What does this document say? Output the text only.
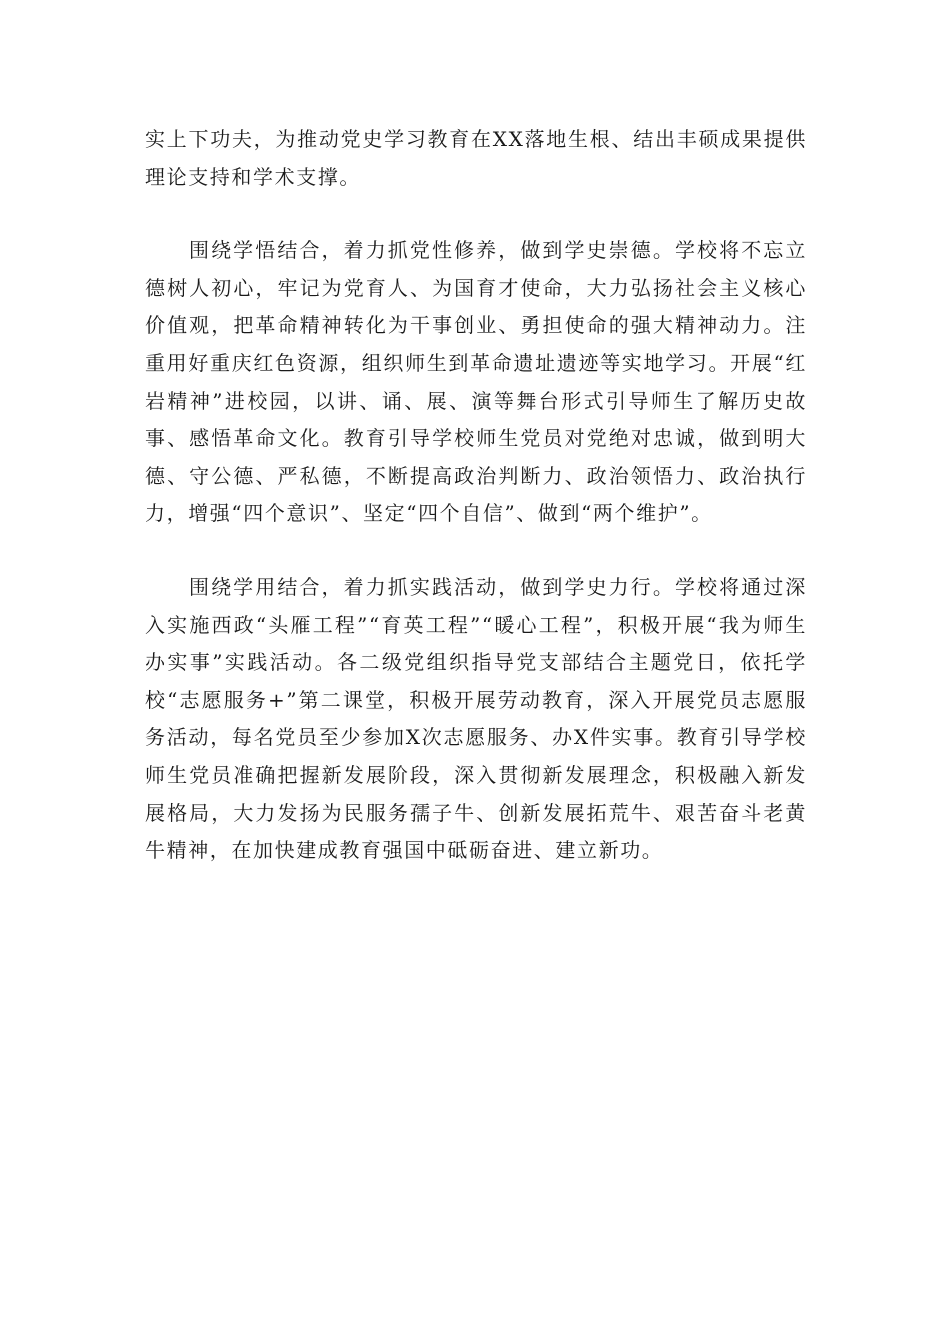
实上下功夫，为推动党史学习教育在XX落地生根、结出丰硕成果提供理论支持和学术支撑。

围绕学悟结合，着力抓党性修养，做到学史崇德。学校将不忘立德树人初心，牢记为党育人、为国育才使命，大力弘扬社会主义核心价值观，把革命精神转化为干事创业、勇担使命的强大精神动力。注重用好重庆红色资源，组织师生到革命遗址遗迹等实地学习。开展“红岩精神”进校园，以讲、诵、展、演等舞台形式引导师生了解历史故事、感悟革命文化。教育引导学校师生党员对党绝对忠诚，做到明大德、守公德、严私德，不断提高政治判断力、政治领悟力、政治执行力，增强“四个意识”、坚定“四个自信”、做到“两个维护”。

围绕学用结合，着力抓实践活动，做到学史力行。学校将通过深入实施西政“头雁工程”“育英工程”“暖心工程”，积极开展“我为师生办实事”实践活动。各二级党组织指导党支部结合主题党日，依托学校“志愿服务+”第二课堂，积极开展劳动教育，深入开展党员志愿服务活动，每名党员至少参加X次志愿服务、办X件实事。教育引导学校师生党员准确把握新发展阶段，深入贯彻新发展理念，积极融入新发展格局，大力发扬为民服务孺子牛、创新发展拓荒牛、艰苦奋斗老黄牛精神，在加快建成教育强国中砥砺奋进、建立新功。
